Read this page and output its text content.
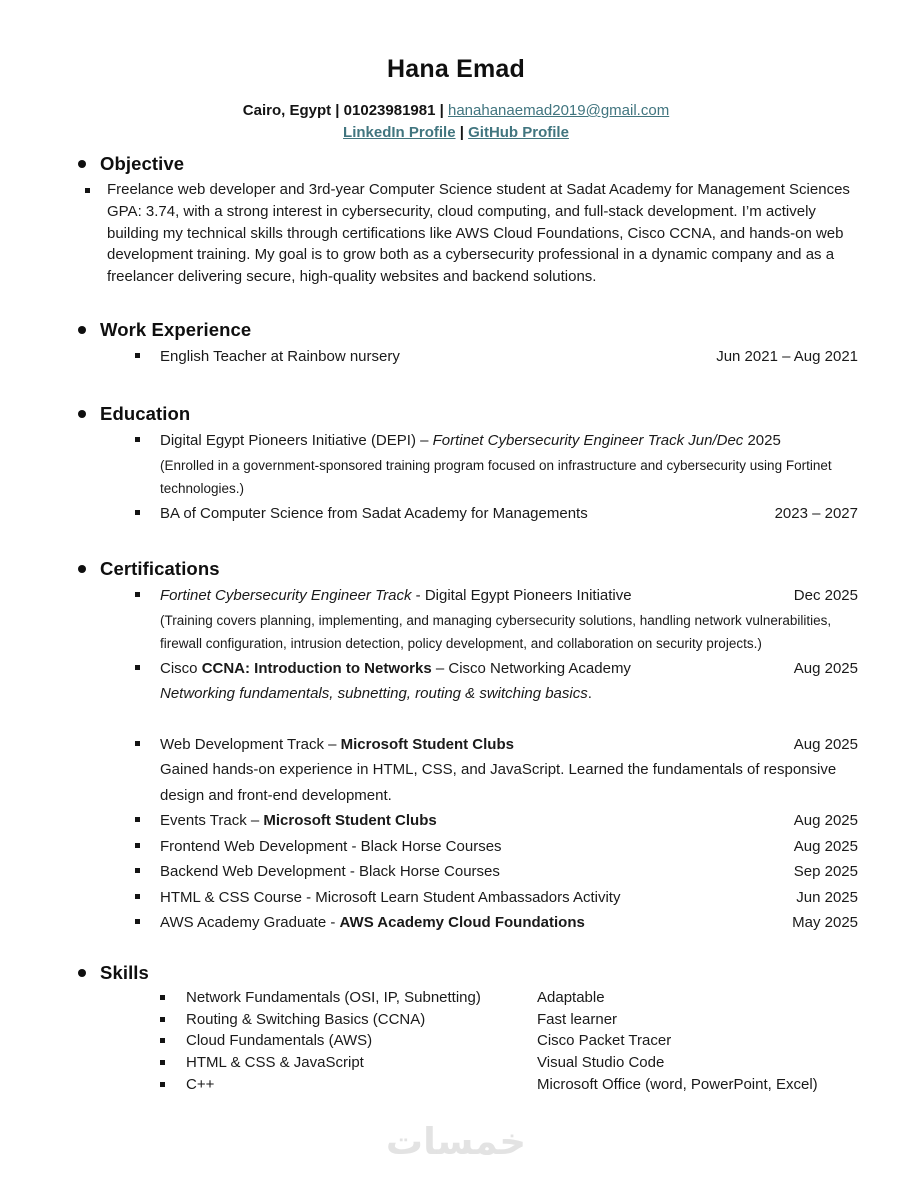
Hana Emad
Cairo, Egypt | 01023981981 | hanahanaemad2019@gmail.com
LinkedIn Profile | GitHub Profile
Objective
Freelance web developer and 3rd-year Computer Science student at Sadat Academy for Management Sciences GPA: 3.74, with a strong interest in cybersecurity, cloud computing, and full-stack development. I’m actively building my technical skills through certifications like AWS Cloud Foundations, Cisco CCNA, and hands-on web development training. My goal is to grow both as a cybersecurity professional in a dynamic company and as a freelancer delivering secure, high-quality websites and backend solutions.
Work Experience
English Teacher at Rainbow nursery	Jun 2021 – Aug 2021
Education
Digital Egypt Pioneers Initiative (DEPI) – Fortinet Cybersecurity Engineer Track Jun/Dec 2025
(Enrolled in a government-sponsored training program focused on infrastructure and cybersecurity using Fortinet technologies.)
BA of Computer Science from Sadat Academy for Managements	2023 – 2027
Certifications
Fortinet Cybersecurity Engineer Track - Digital Egypt Pioneers Initiative	Dec 2025
(Training covers planning, implementing, and managing cybersecurity solutions, handling network vulnerabilities, firewall configuration, intrusion detection, policy development, and collaboration on security projects.)
Cisco CCNA: Introduction to Networks – Cisco Networking Academy	Aug 2025
Networking fundamentals, subnetting, routing & switching basics.
Web Development Track – Microsoft Student Clubs	Aug 2025
Gained hands-on experience in HTML, CSS, and JavaScript. Learned the fundamentals of responsive design and front-end development.
Events Track – Microsoft Student Clubs	Aug 2025
Frontend Web Development - Black Horse Courses	Aug 2025
Backend Web Development - Black Horse Courses	Sep 2025
HTML & CSS Course - Microsoft Learn Student Ambassadors Activity	Jun 2025
AWS Academy Graduate - AWS Academy Cloud Foundations	May 2025
Skills
Network Fundamentals (OSI, IP, Subnetting)	Adaptable
Routing & Switching Basics (CCNA)	Fast learner
Cloud Fundamentals (AWS)	Cisco Packet Tracer
HTML & CSS & JavaScript	Visual Studio Code
C++	Microsoft Office (word, PowerPoint, Excel)
خمسات
